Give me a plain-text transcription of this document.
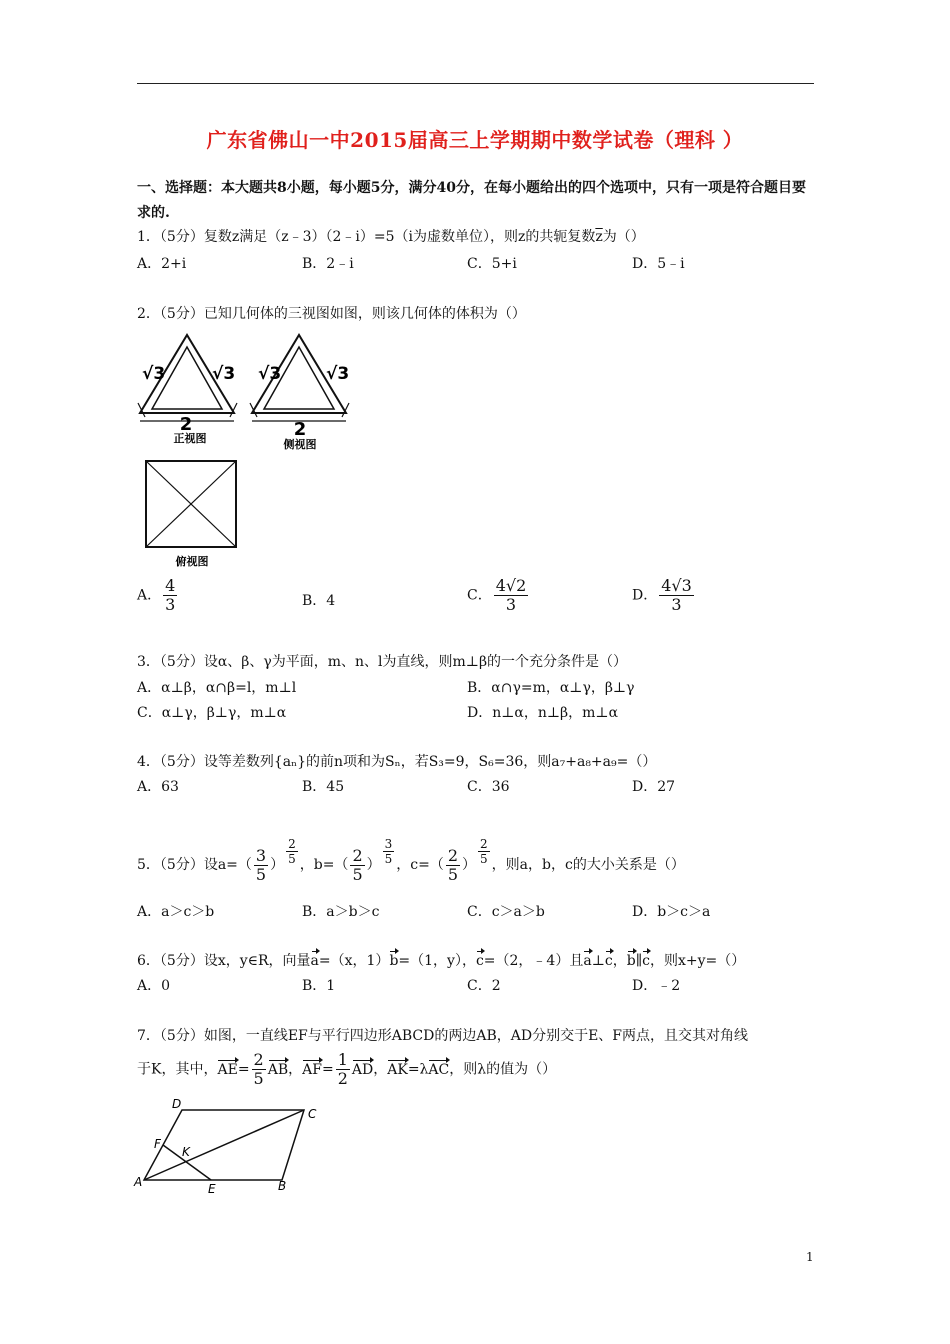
广东省佛山一中2015届高三上学期期中数学试卷（理科 ）
一、选择题：本大题共8小题，每小题5分，满分40分，在每小题给出的四个选项中，只有一项是符合题目要求的.
1．（5分）复数z满足（z﹣3）（2﹣i）=5（i为虚数单位），则z的共轭复数$\overline{z}$为（）
A．2+i	B．2﹣i	C．5+i	D．5﹣i
2．（5分）已知几何体的三视图如图，则该几何体的体积为（）
√3	√3 √3	√3
2	2
正视图	侧视图
俯视图
A． $\frac{4}{3}$	B．4	C． $\frac{4√2}{3}$	D． $\frac{4√3}{3}$
3．（5分）设α、β、γ为平面，m、n、l为直线，则m⊥β的一个充分条件是（）
A．α⊥β，α∩β=l，m⊥l	B．α∩γ=m，α⊥γ，β⊥γ
C．α⊥γ，β⊥γ，m⊥α	D．n⊥α，n⊥β，m⊥α
4．（5分）设等差数列{aₙ}的前n项和为Sₙ，若S₃=9，S₆=36，则a₇+a₈+a₉=（）
A．63	B．45	C．36	D．27
5．（5分）设$a=( \frac{3}{5}$ ） $\frac{2}{5}$ ，$b=( \frac{2}{5}$ ） $\frac{3}{5}$ ，$c=( \frac{2}{5}$ ） $\frac{2}{5}$ ，则a，b，c的大小关系是（）
A．a＞c＞b	B．a＞b＞c	C．c＞a＞b	D．b＞c＞a
6．（5分）设x，y∈R，向量a=（x，1）b=（1，y），c=（2，﹣4）且a⊥c，b∥c，则x+y=（）
A．0	B．1	C．2	D．﹣2
7．（5分）如图，一直线EF与平行四边形ABCD的两边AB，AD分别交于E、F两点，且交其对角线
于K，其中，$AE= \frac{2}{5}$ AB，$AF= \frac{1}{2}$ AD，AK=λAC，则λ的值为（）
A	B
C
D
E
F
K
1
